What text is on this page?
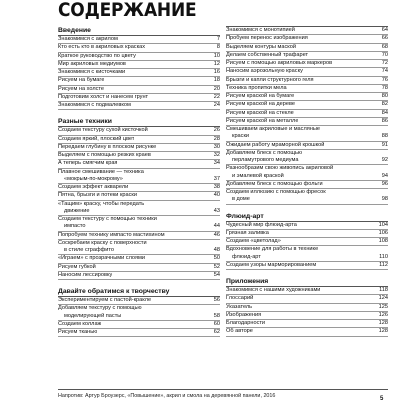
СОДЕРЖАНИЕ
Введение
Знакомимся с акрилом	7
Кто есть кто в акриловых красках	8
Краткое руководство по цвету	10
Мир акриловых медиумов	12
Знакомимся с кисточками	16
Рисуем на бумаге	18
Рисуем на холсте	20
Подготовим холст и нанесем грунт	22
Знакомимся с подмалевком	24
Разные техники
Создаем текстуру сухой кисточкой	26
Создаем яркий, плоский цвет	28
Передаем глубину в плоском рисунке	30
Выделяем с помощью резких краев	32
А теперь смягчим края	34
Плавное смешивание — техника
«мокрым-по-мокрому»	37
Создаем эффект акварели	38
Пятна, брызги и потеки краски	40
«Тащим» краску, чтобы передать
движение	43
Создаем текстуру с помощью техники
импасто	44
Попробуем технику импасто мастихином	46
Соскребаем краску с поверхности
в стиле сграффито	48
«Играем» с прозрачными слоями	50
Рисуем губкой	52
Наносим лессировку	54
Давайте обратимся к творчеству
Экспериментируем с пастой-кракле	56
Добавляем текстуру с помощью
моделирующей пасты	58
Создаем коллаж	60
Рисуем тканью	62
Знакомимся с монотипией	64
Пробуем перенос изображения	66
Выделяем контуры маской	68
Делаем собственный трафарет	70
Рисуем с помощью акриловых маркеров	72
Наносим аэрозольную краску	74
Брызги и капли структурного геля	76
Техника пропитки мела	78
Рисуем краской на бумаге	80
Рисуем краской на дереве	82
Рисуем краской на стекле	84
Рисуем краской на металле	86
Смешиваем акриловые и масляные
краски	88
Ожидаем работу мраморной крошкой	91
Добавляем блеск с помощью
перламутрового медиума	92
Разнообразим свою живопись акриловой
и эмалевой краской	94
Добавляем блеск с помощью фольги	96
Создаем иллюзию с помощью фресок
в доме	98
Флюид-арт
Чудесный мир флюид-арта	104
Грязная заливка	106
Создаем «цветолад»	108
Вдохновение для работы в технике
флюид-арт	110
Создаем узоры марморированием	112
Приложения
Знакомимся с нашими художниками	118
Глоссарий	124
Указатель	125
Изображения	126
Благодарности	128
Об авторе	128
Напротив: Артур Броузерс, «Повышение», акрил и смола на деревянной панели, 2016	5
